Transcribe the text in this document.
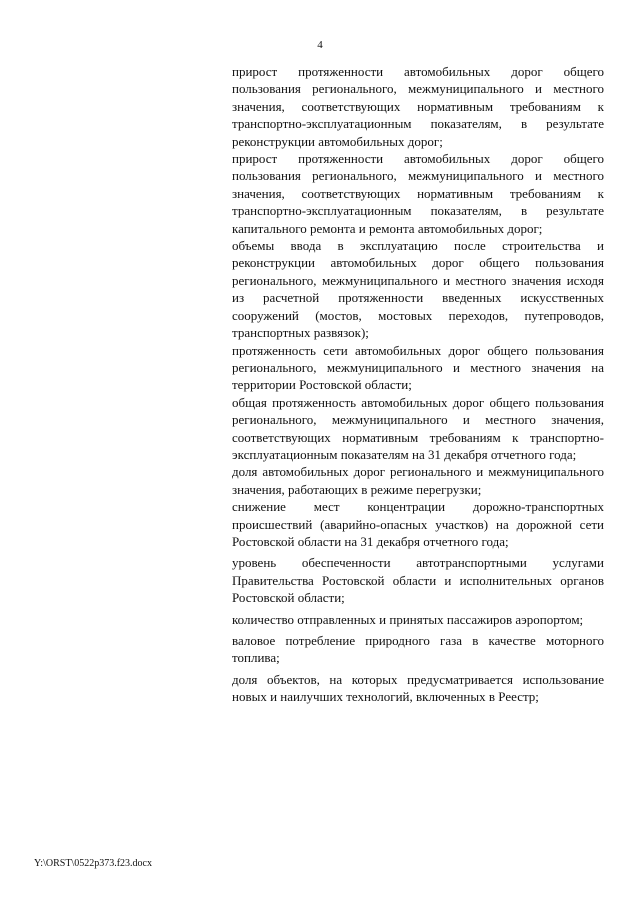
4

прирост протяженности автомобильных дорог общего пользования регионального, межмуниципального и местного значения, соответствующих нормативным требованиям к транспортно-эксплуатационным показателям, в результате реконструкции автомобильных дорог;

прирост протяженности автомобильных дорог общего пользования регионального, межмуниципального и местного значения, соответствующих нормативным требованиям к транспортно-эксплуатационным показателям, в результате капитального ремонта и ремонта автомобильных дорог;

объемы ввода в эксплуатацию после строительства и реконструкции автомобильных дорог общего пользования регионального, межмуниципального и местного значения исходя из расчетной протяженности введенных искусственных сооружений (мостов, мостовых переходов, путепроводов, транспортных развязок);

протяженность сети автомобильных дорог общего пользования регионального, межмуниципального и местного значения на территории Ростовской области;

общая протяженность автомобильных дорог общего пользования регионального, межмуниципального и местного значения, соответствующих нормативным требованиям к транспортно-эксплуатационным показателям на 31 декабря отчетного года;

доля автомобильных дорог регионального и межмуниципального значения, работающих в режиме перегрузки;

снижение мест концентрации дорожно-транспортных происшествий (аварийно-опасных участков) на дорожной сети Ростовской области на 31 декабря отчетного года;

уровень обеспеченности автотранспортными услугами Правительства Ростовской области и исполнительных органов Ростовской области;

количество отправленных и принятых пассажиров аэропортом;

валовое потребление природного газа в качестве моторного топлива;

доля объектов, на которых предусматривается использование новых и наилучших технологий, включенных в Реестр;

Y:\ORST\0522p373.f23.docx
